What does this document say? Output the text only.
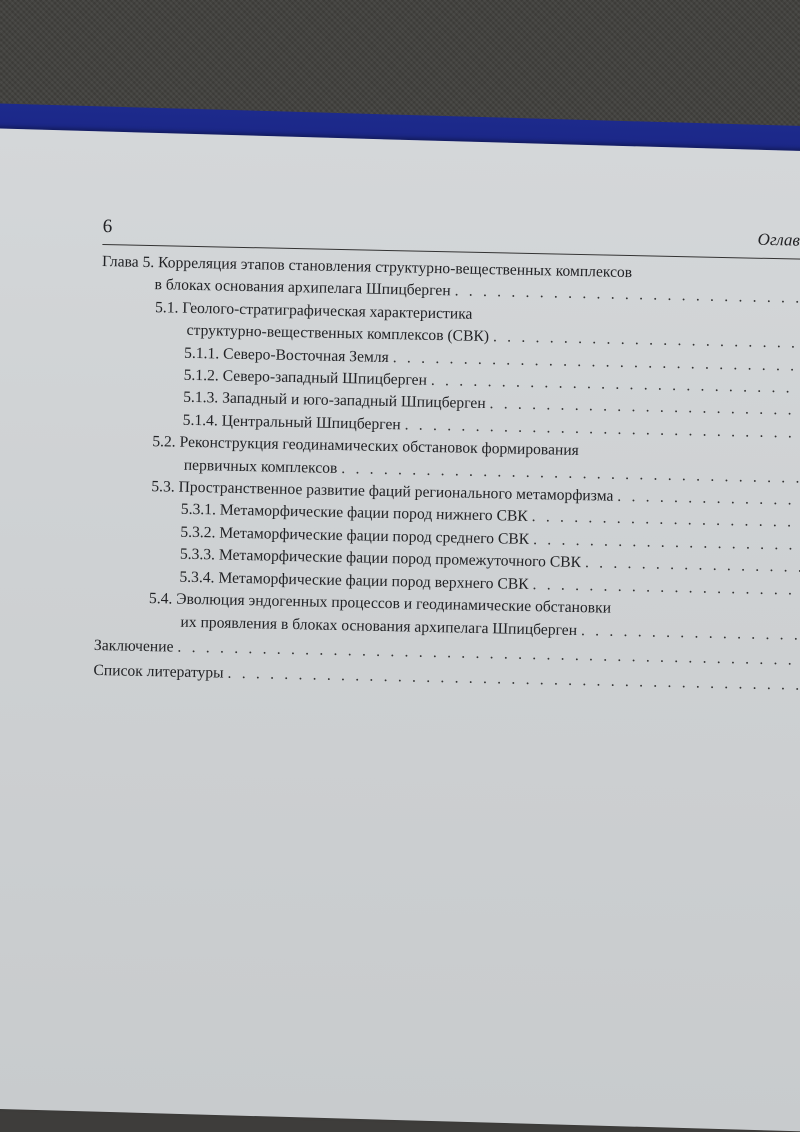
6
Оглав
Глава 5. Корреляция этапов становления структурно-вещественных комплексов
в блоках основания архипелага Шпицберген
. . .
5.1. Геолого-стратиграфическая характеристика
структурно-вещественных комплексов (СВК)
. . .
5.1.1. Северо-Восточная Земля
. . .
5.1.2. Северо-западный Шпицберген
. . .
5.1.3. Западный и юго-западный Шпицберген
. . .
5.1.4. Центральный Шпицберген
. . .
5.2. Реконструкция геодинамических обстановок формирования
первичных комплексов
. . .
5.3. Пространственное развитие фаций регионального метаморфизма
. . .
5.3.1. Метаморфические фации пород нижнего СВК
. . .
5.3.2. Метаморфические фации пород среднего СВК
. . .
5.3.3. Метаморфические фации пород промежуточного СВК
. . .
5.3.4. Метаморфические фации пород верхнего СВК
. . .
5.4. Эволюция эндогенных процессов и геодинамические обстановки
их проявления в блоках основания архипелага Шпицберген
. . .
Заключение
. . .
Список литературы
. . .
